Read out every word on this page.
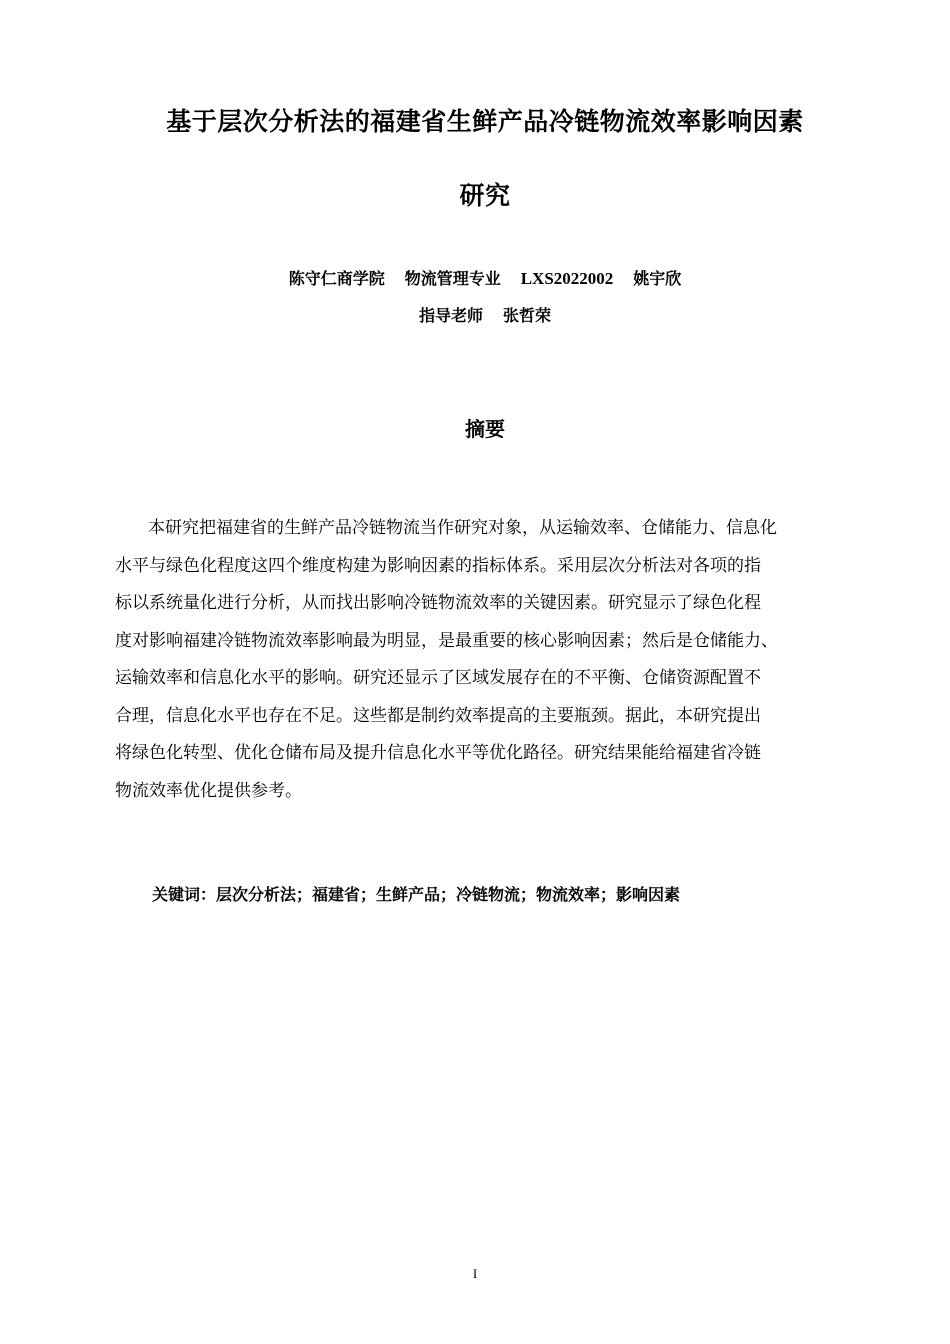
基于层次分析法的福建省生鲜产品冷链物流效率影响因素
研究
陈守仁商学院 物流管理专业 LXS2022002 姚宇欣
指导老师 张哲荣
摘要

本研究把福建省的生鲜产品冷链物流当作研究对象，从运输效率、仓储能力、信息化
水平与绿色化程度这四个维度构建为影响因素的指标体系。采用层次分析法对各项的指
标以系统量化进行分析，从而找出影响冷链物流效率的关键因素。研究显示了绿色化程
度对影响福建冷链物流效率影响最为明显，是最重要的核心影响因素；然后是仓储能力、
运输效率和信息化水平的影响。研究还显示了区域发展存在的不平衡、仓储资源配置不
合理，信息化水平也存在不足。这些都是制约效率提高的主要瓶颈。据此，本研究提出
将绿色化转型、优化仓储布局及提升信息化水平等优化路径。研究结果能给福建省冷链
物流效率优化提供参考。

关键词：层次分析法；福建省；生鲜产品；冷链物流；物流效率；影响因素
I
